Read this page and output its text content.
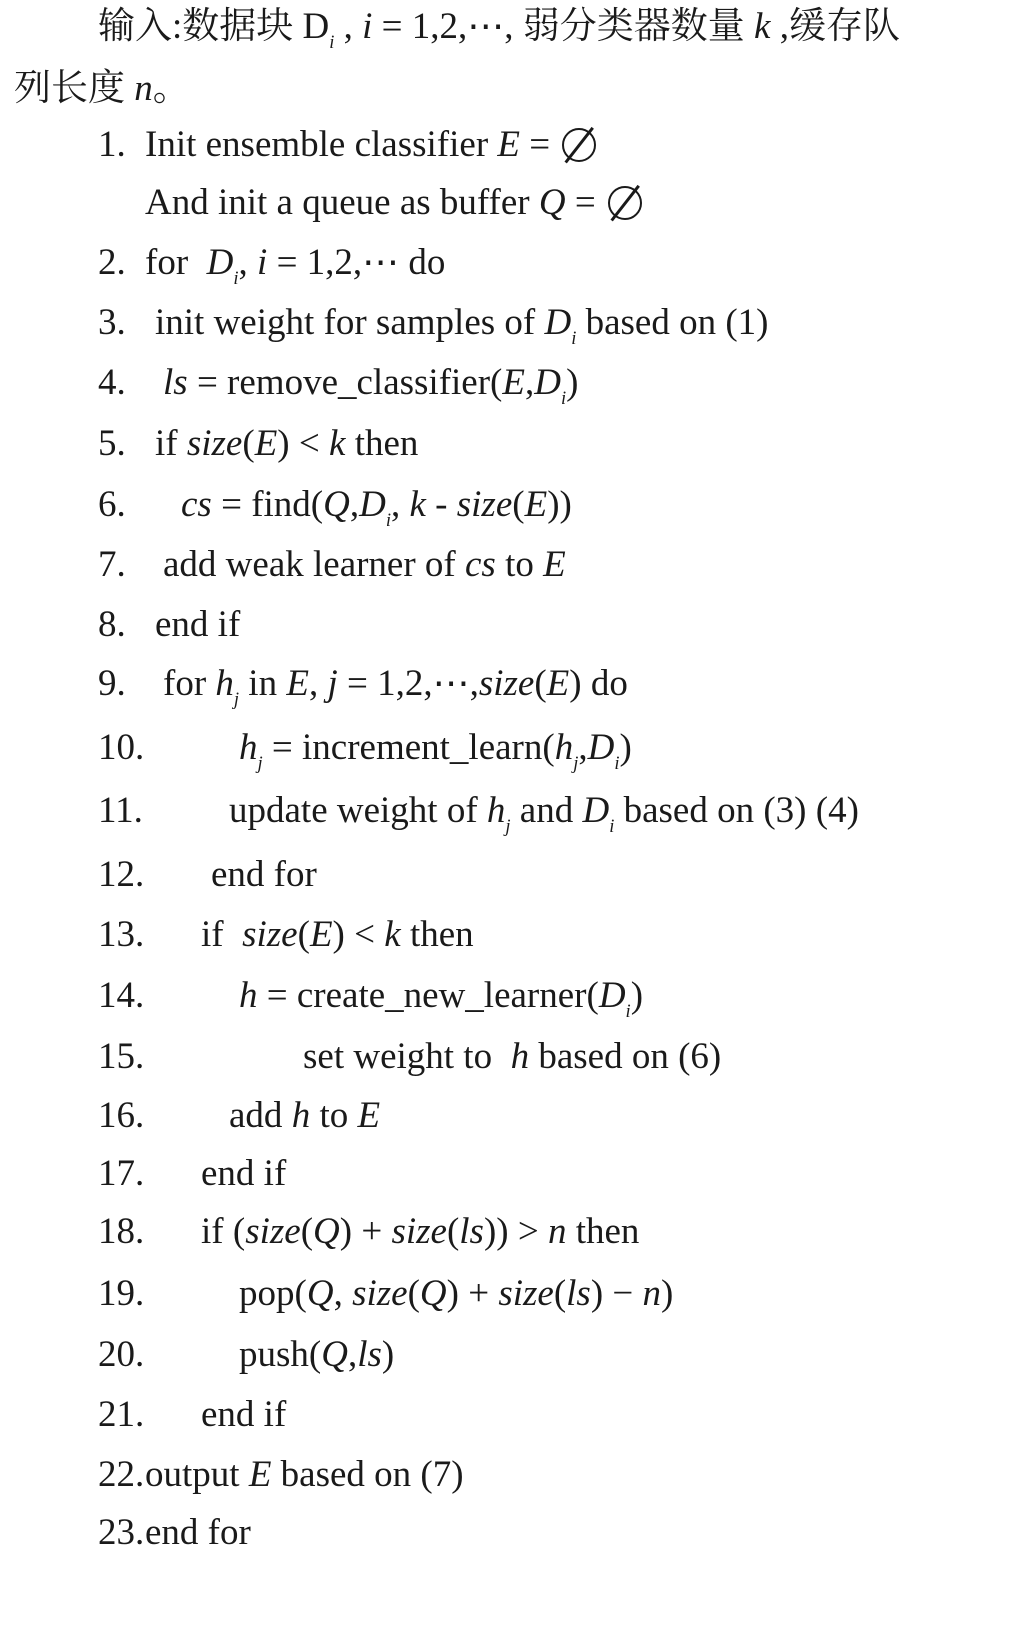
输入:数据块 $D_i$ , i = 1,2,⋯, 弱分类器数量 k ,缓存队
列长度 n。
1. Init ensemble classifier E =
And init a queue as buffer Q =
2. for  $D_i$, i = 1,2,⋯ do
3. init weight for samples of $D_i$ based on (1)
4. ls = $remove\_classifier(E,D_i)$
5. if size(E) < k then
6. cs = $find(Q,D_i$, k - size(E))
7. add weak learner of cs to E
8. end if
9. for $h_j$ in E, j = 1,2,⋯,size(E) do
10.	$h_j$ = $increment\_learn(h_j,D_i)$
11. update weight of $h_j$ and $D_i$ based on (3) (4)
12. end for
13. if  size(E) < k then
14.	$h = create\_new\_learner(D_i)$
15.	set weight to  h based on (6)
16. add h to E
17. end if
18. if (size(Q) + size(ls)) > n then
19.	pop(Q, size(Q) + size(ls) − n)
20.	push(Q,ls)
21. end if
22.output E based on (7)
23.end for
